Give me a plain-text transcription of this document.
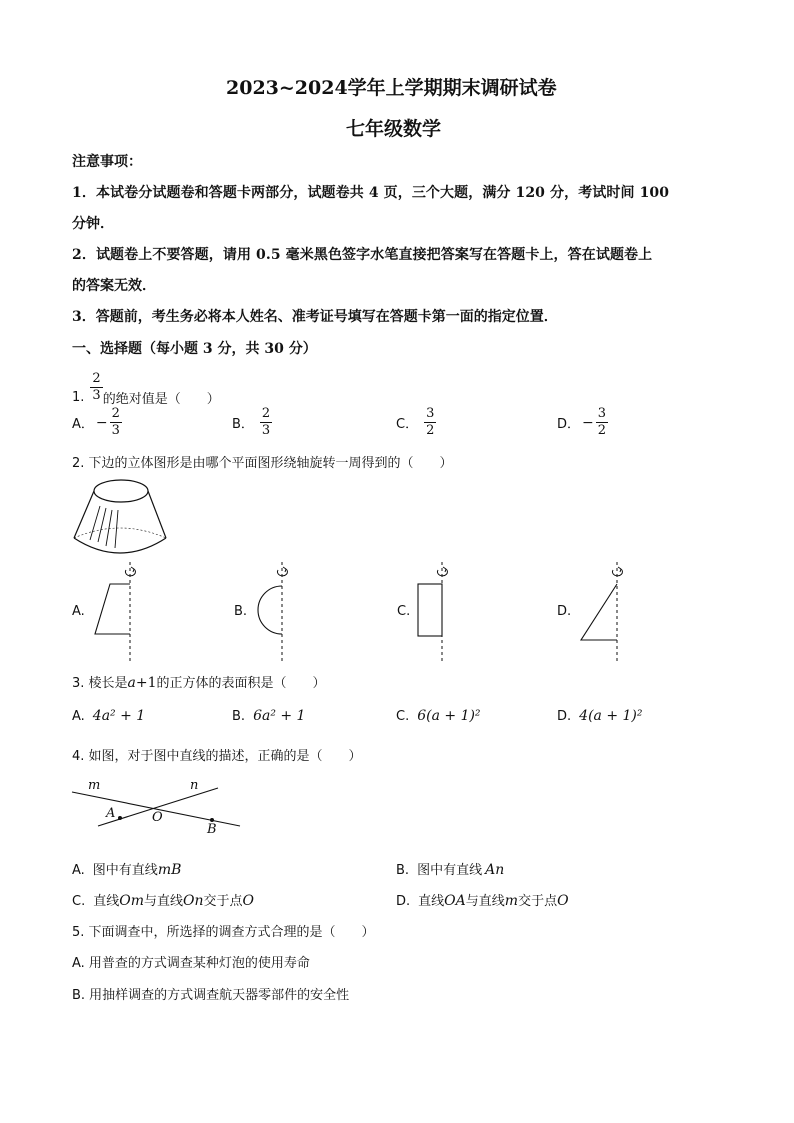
2023~2024学年上学期期末调研试卷
七年级数学
注意事项：
1．本试卷分试题卷和答题卡两部分，试题卷共 4 页，三个大题，满分 120 分，考试时间 100
分钟．
2．试题卷上不要答题，请用 0.5 毫米黑色签字水笔直接把答案写在答题卡上，答在试题卷上
的答案无效．
3．答题前，考生务必将本人姓名、准考证号填写在答题卡第一面的指定位置．
一、选择题（每小题 3 分，共 30 分）
1. $\frac{2}{3}$ 的绝对值是（　　）
A． − $\frac{2}{3}$	B． $\frac{2}{3}$	C． $\frac{3}{2}$	D． − $\frac{3}{2}$
2. 下边的立体图形是由哪个平面图形绕轴旋转一周得到的（　　）
A.	B.	C.	D.
3. 棱长是a+1的正方体的表面积是（　　）
A. 4a² + 1	B. 6a² + 1	C. 6(a + 1)²	D. 4(a + 1)²
4. 如图，对于图中直线的描述，正确的是（　　）
m	n
A	O
B
A. 图中有直线mB	B. 图中有直线 An
C. 直线Om与直线On交于点O	D. 直线OA与直线m交于点O
5. 下面调查中，所选择的调查方式合理的是（　　）
A. 用普查的方式调查某种灯泡的使用寿命
B. 用抽样调查的方式调查航天器零部件的安全性
